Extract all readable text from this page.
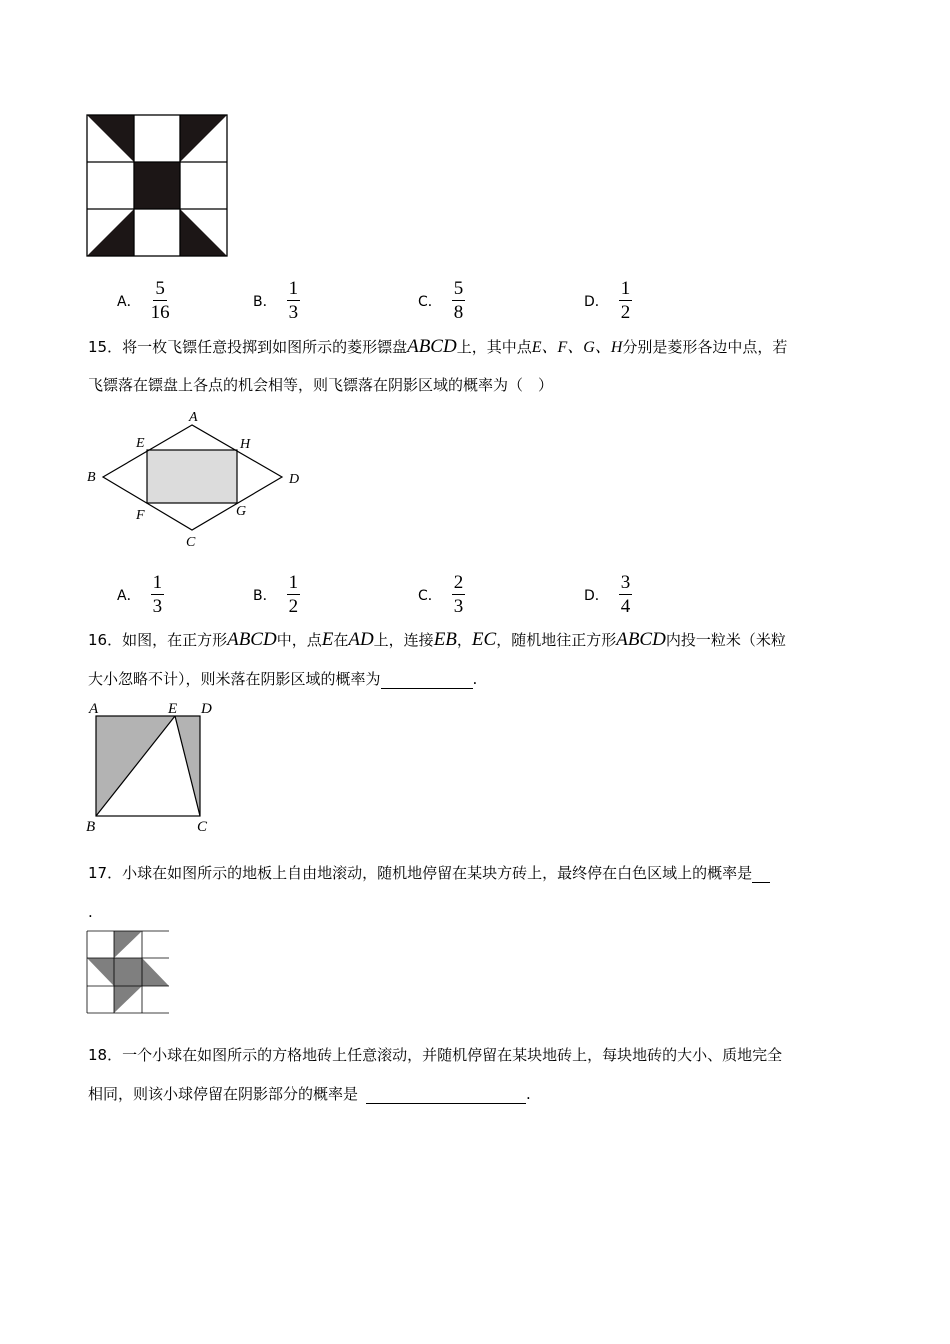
A． $\frac{5}{16}$	B． $\frac{1}{3}$	C． $\frac{5}{8}$	D． $\frac{1}{2}$
15．将一枚飞镖任意投掷到如图所示的菱形镖盘ABCD上，其中点E、F、G、H分别是菱形各边中点，若
飞镖落在镖盘上各点的机会相等，则飞镖落在阴影区域的概率为（　）
A
B
C
D
E
F	G
H
A． $\frac{1}{3}$	B． $\frac{1}{2}$	C． $\frac{2}{3}$	D． $\frac{3}{4}$
16．如图，在正方形ABCD中，点E在AD上，连接EB，EC，随机地往正方形ABCD内投一粒米（米粒
大小忽略不计），则米落在阴影区域的概率为	.
A	E D
B	C
17．小球在如图所示的地板上自由地滚动，随机地停留在某块方砖上，最终停在白色区域上的概率是
.
18．一个小球在如图所示的方格地砖上任意滚动，并随机停留在某块地砖上，每块地砖的大小、质地完全
相同，则该小球停留在阴影部分的概率是	.
